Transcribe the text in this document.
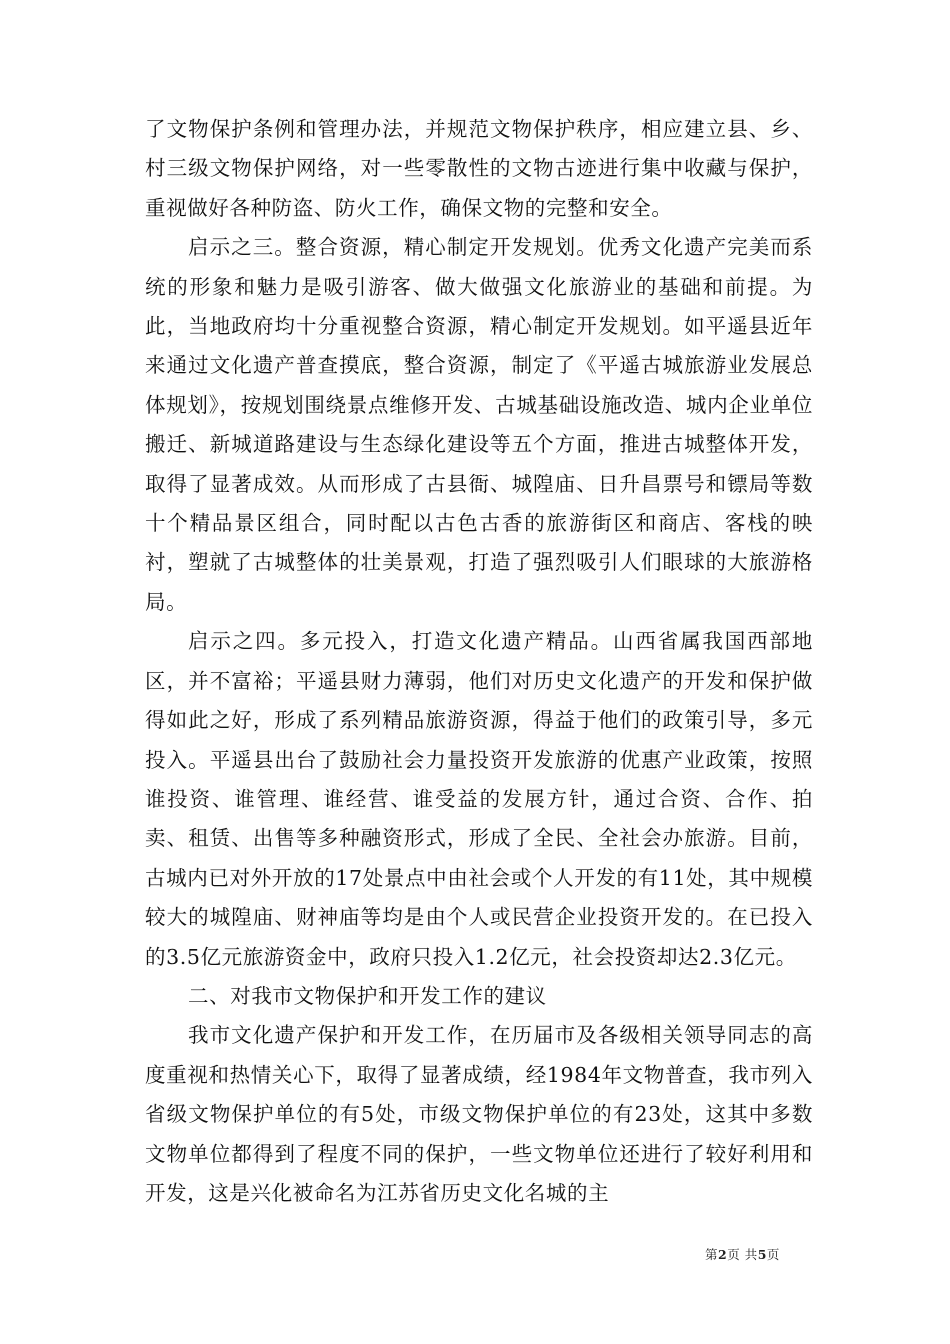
了文物保护条例和管理办法，并规范文物保护秩序，相应建立县、乡、村三级文物保护网络，对一些零散性的文物古迹进行集中收藏与保护，重视做好各种防盗、防火工作，确保文物的完整和安全。

启示之三。整合资源，精心制定开发规划。优秀文化遗产完美而系统的形象和魅力是吸引游客、做大做强文化旅游业的基础和前提。为此，当地政府均十分重视整合资源，精心制定开发规划。如平遥县近年来通过文化遗产普查摸底，整合资源，制定了《平遥古城旅游业发展总体规划》，按规划围绕景点维修开发、古城基础设施改造、城内企业单位搬迁、新城道路建设与生态绿化建设等五个方面，推进古城整体开发，取得了显著成效。从而形成了古县衙、城隍庙、日升昌票号和镖局等数十个精品景区组合，同时配以古色古香的旅游街区和商店、客栈的映衬，塑就了古城整体的壮美景观，打造了强烈吸引人们眼球的大旅游格局。

启示之四。多元投入，打造文化遗产精品。山西省属我国西部地区，并不富裕；平遥县财力薄弱，他们对历史文化遗产的开发和保护做得如此之好，形成了系列精品旅游资源，得益于他们的政策引导，多元投入。平遥县出台了鼓励社会力量投资开发旅游的优惠产业政策，按照谁投资、谁管理、谁经营、谁受益的发展方针，通过合资、合作、拍卖、租赁、出售等多种融资形式，形成了全民、全社会办旅游。目前，古城内已对外开放的17处景点中由社会或个人开发的有11处，其中规模较大的城隍庙、财神庙等均是由个人或民营企业投资开发的。在已投入的3.5亿元旅游资金中，政府只投入1.2亿元，社会投资却达2.3亿元。

二、对我市文物保护和开发工作的建议

我市文化遗产保护和开发工作，在历届市及各级相关领导同志的高度重视和热情关心下，取得了显著成绩，经1984年文物普查，我市列入省级文物保护单位的有5处，市级文物保护单位的有23处，这其中多数文物单位都得到了程度不同的保护，一些文物单位还进行了较好利用和开发，这是兴化被命名为江苏省历史文化名城的主

第2页 共5页
